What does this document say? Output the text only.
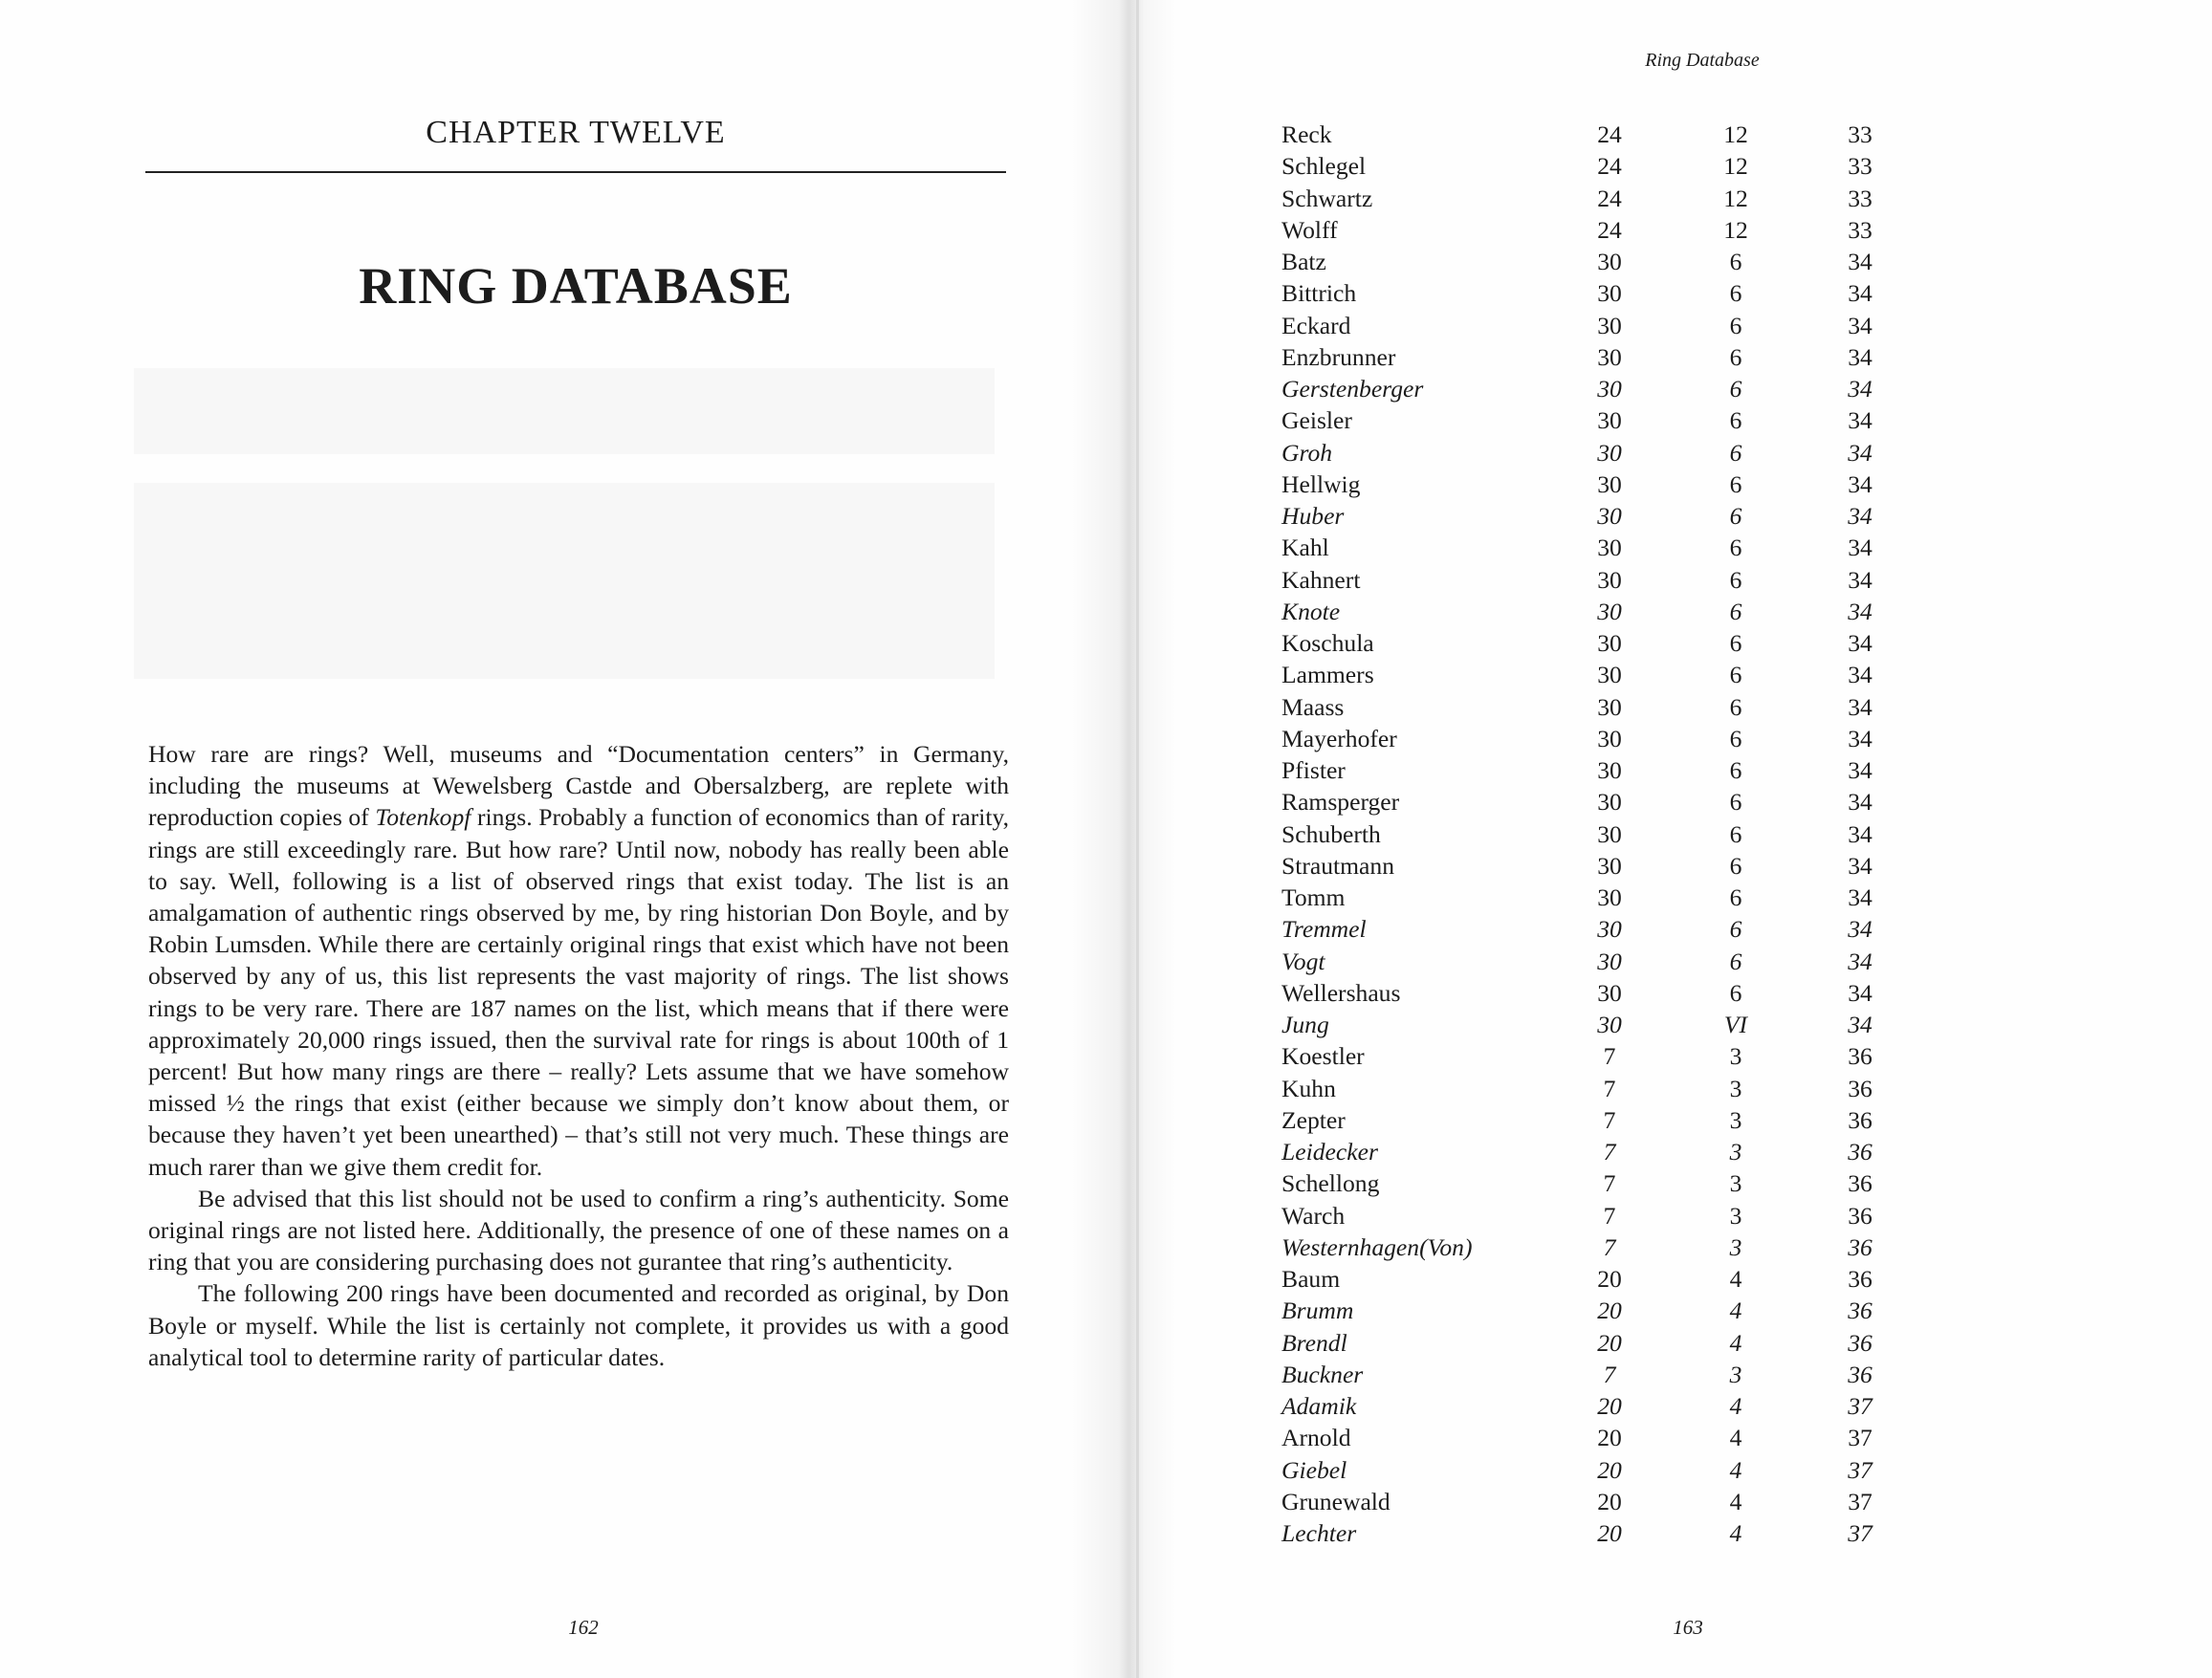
CHAPTER TWELVE
RING DATABASE

How rare are rings? Well, museums and “Documentation centers” in Germany, including the museums at Wewelsberg Castde and Obersalzberg, are replete with reproduction copies of Totenkopf rings. Probably a function of economics than of rarity, rings are still exceedingly rare. But how rare? Until now, nobody has really been able to say. Well, following is a list of observed rings that exist today. The list is an amalgamation of authentic rings observed by me, by ring historian Don Boyle, and by Robin Lumsden. While there are certainly original rings that exist which have not been observed by any of us, this list represents the vast majority of rings. The list shows rings to be very rare. There are 187 names on the list, which means that if there were approximately 20,000 rings issued, then the survival rate for rings is about 100th of 1 percent! But how many rings are there – really? Lets assume that we have somehow missed ½ the rings that exist (either because we simply don’t know about them, or because they haven’t yet been unearthed) – that’s still not very much. These things are much rarer than we give them credit for.

Be advised that this list should not be used to confirm a ring’s authenticity. Some original rings are not listed here. Additionally, the presence of one of these names on a ring that you are considering purchasing does not gurantee that ring’s authenticity.

The following 200 rings have been documented and recorded as original, by Don Boyle or myself. While the list is certainly not complete, it provides us with a good analytical tool to determine rarity of particular dates.

162
Ring Database
Reck	24	12	33
Schlegel	24	12	33
Schwartz	24	12	33
Wolff	24	12	33
Batz	30	6	34
Bittrich	30	6	34
Eckard	30	6	34
Enzbrunner	30	6	34
Gerstenberger	30	6	34
Geisler	30	6	34
Groh	30	6	34
Hellwig	30	6	34
Huber	30	6	34
Kahl	30	6	34
Kahnert	30	6	34
Knote	30	6	34
Koschula	30	6	34
Lammers	30	6	34
Maass	30	6	34
Mayerhofer	30	6	34
Pfister	30	6	34
Ramsperger	30	6	34
Schuberth	30	6	34
Strautmann	30	6	34
Tomm	30	6	34
Tremmel	30	6	34
Vogt	30	6	34
Wellershaus	30	6	34
Jung	30	VI	34
Koestler	7	3	36
Kuhn	7	3	36
Zepter	7	3	36
Leidecker	7	3	36
Schellong	7	3	36
Warch	7	3	36
Westernhagen(Von)	7	3	36
Baum	20	4	36
Brumm	20	4	36
Brendl	20	4	36
Buckner	7	3	36
Adamik	20	4	37
Arnold	20	4	37
Giebel	20	4	37
Grunewald	20	4	37
Lechter	20	4	37
163
